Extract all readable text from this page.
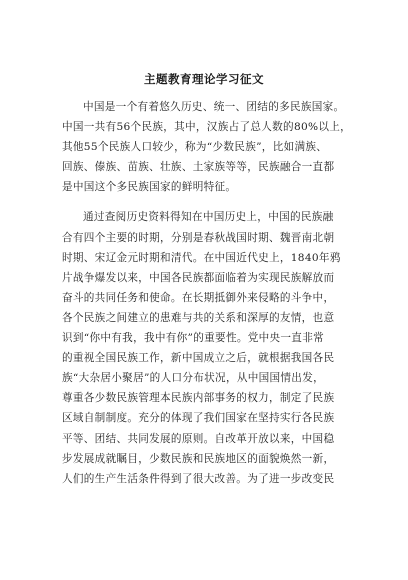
主题教育理论学习征文
中国是一个有着悠久历史、统一、团结的多民族国家。
中国一共有56个民族，其中，汉族占了总人数的80%以上，
其他55个民族人口较少，称为“少数民族”，比如满族、
回族、傣族、苗族、壮族、土家族等等，民族融合一直都
是中国这个多民族国家的鲜明特征。
通过查阅历史资料得知在中国历史上，中国的民族融
合有四个主要的时期，分别是春秋战国时期、魏晋南北朝
时期、宋辽金元时期和清代。在中国近代史上，1840年鸦
片战争爆发以来，中国各民族都面临着为实现民族解放而
奋斗的共同任务和使命。在长期抵御外来侵略的斗争中，
各个民族之间建立的患难与共的关系和深厚的友情，也意
识到“你中有我，我中有你”的重要性。党中央一直非常
的重视全国民族工作，新中国成立之后，就根据我国各民
族“大杂居小聚居”的人口分布状况，从中国国情出发，
尊重各少数民族管理本民族内部事务的权力，制定了民族
区域自制制度。充分的体现了我们国家在坚持实行各民族
平等、团结、共同发展的原则。自改革开放以来，中国稳
步发展成就瞩目，少数民族和民族地区的面貌焕然一新，
人们的生产生活条件得到了很大改善。为了进一步改变民
